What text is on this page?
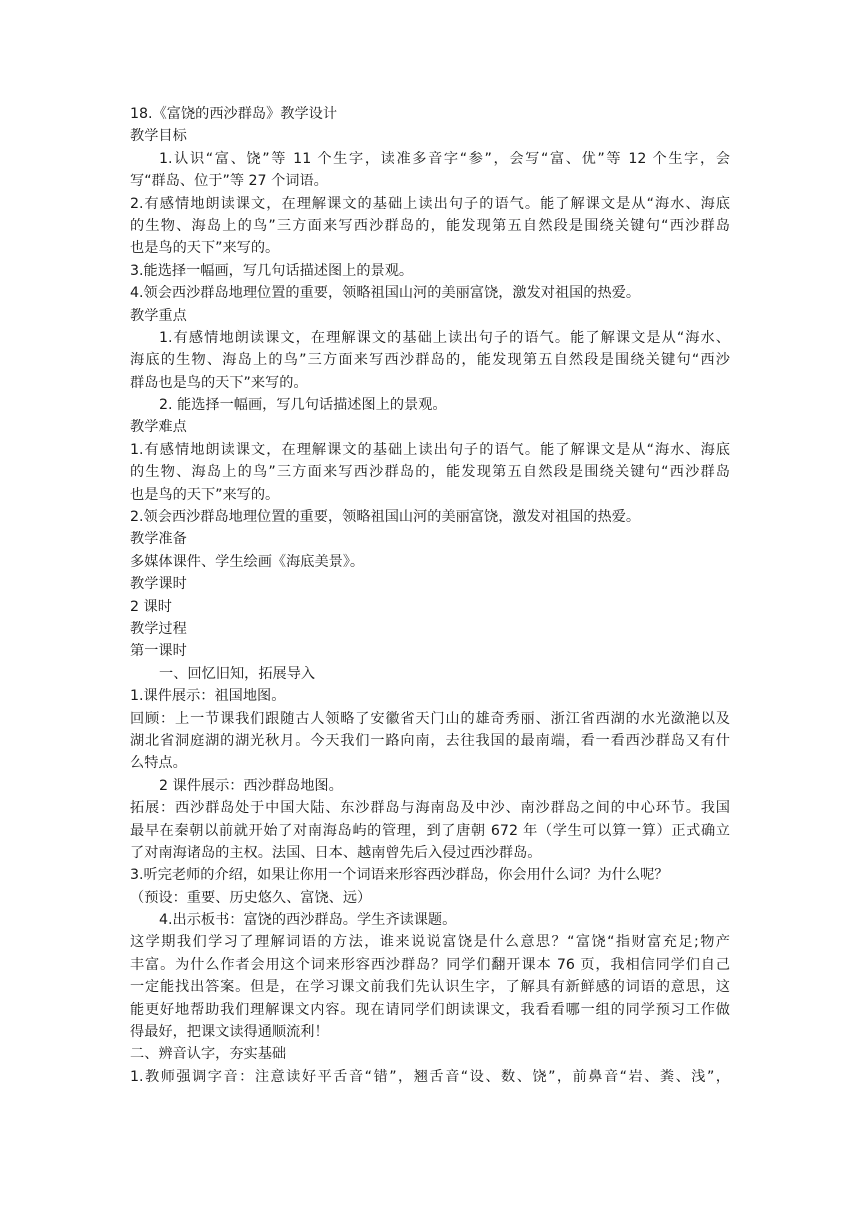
18.《富饶的西沙群岛》教学设计
教学目标
1.认识“富、饶”等 11 个生字，读准多音字“参”，会写“富、优”等 12 个生字，会
写“群岛、位于”等 27 个词语。
2.有感情地朗读课文，在理解课文的基础上读出句子的语气。能了解课文是从“海水、海底
的生物、海岛上的鸟”三方面来写西沙群岛的，能发现第五自然段是围绕关键句“西沙群岛
也是鸟的天下”来写的。
3.能选择一幅画，写几句话描述图上的景观。
4.领会西沙群岛地理位置的重要，领略祖国山河的美丽富饶，激发对祖国的热爱。
教学重点
1.有感情地朗读课文，在理解课文的基础上读出句子的语气。能了解课文是从“海水、
海底的生物、海岛上的鸟”三方面来写西沙群岛的，能发现第五自然段是围绕关键句“西沙
群岛也是鸟的天下”来写的。
2. 能选择一幅画，写几句话描述图上的景观。
教学难点
1.有感情地朗读课文，在理解课文的基础上读出句子的语气。能了解课文是从“海水、海底
的生物、海岛上的鸟”三方面来写西沙群岛的，能发现第五自然段是围绕关键句“西沙群岛
也是鸟的天下”来写的。
2.领会西沙群岛地理位置的重要，领略祖国山河的美丽富饶，激发对祖国的热爱。
教学准备
多媒体课件、学生绘画《海底美景》。
教学课时
2 课时
教学过程
第一课时
一、回忆旧知，拓展导入
1.课件展示：祖国地图。
回顾：上一节课我们跟随古人领略了安徽省天门山的雄奇秀丽、浙江省西湖的水光潋滟以及
湖北省洞庭湖的湖光秋月。今天我们一路向南，去往我国的最南端，看一看西沙群岛又有什
么特点。
2 课件展示：西沙群岛地图。
拓展：西沙群岛处于中国大陆、东沙群岛与海南岛及中沙、南沙群岛之间的中心环节。我国
最早在秦朝以前就开始了对南海岛屿的管理，到了唐朝 672 年（学生可以算一算）正式确立
了对南海诸岛的主权。法国、日本、越南曾先后入侵过西沙群岛。
3.听完老师的介绍，如果让你用一个词语来形容西沙群岛，你会用什么词？为什么呢？
（预设：重要、历史悠久、富饶、远）
4.出示板书：富饶的西沙群岛。学生齐读课题。
这学期我们学习了理解词语的方法，谁来说说富饶是什么意思？“富饶“指财富充足;物产
丰富。为什么作者会用这个词来形容西沙群岛？同学们翻开课本 76 页，我相信同学们自己
一定能找出答案。但是，在学习课文前我们先认识生字，了解具有新鲜感的词语的意思，这
能更好地帮助我们理解课文内容。现在请同学们朗读课文，我看看哪一组的同学预习工作做
得最好，把课文读得通顺流利！
二、辨音认字，夯实基础
1.教师强调字音：注意读好平舌音“错”，翘舌音“设、数、饶”，前鼻音“岩、粪、浅”，
